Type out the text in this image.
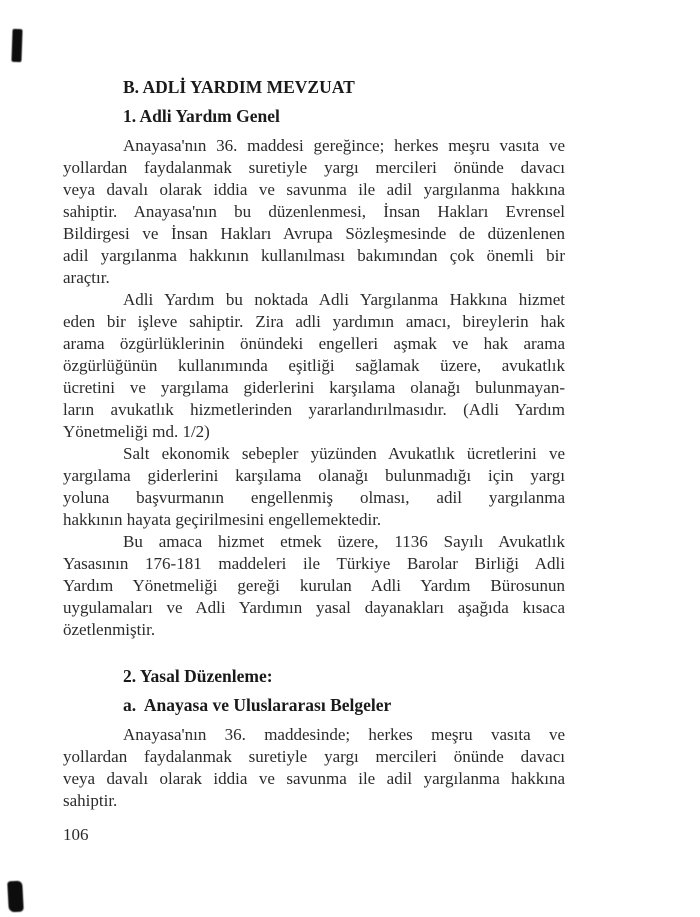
B. ADLİ YARDIM MEVZUAT
1. Adli Yardım Genel
Anayasa'nın 36. maddesi gereğince; herkes meşru vasıta ve
yollardan faydalanmak suretiyle yargı mercileri önünde davacı
veya davalı olarak iddia ve savunma ile adil yargılanma hakkına
sahiptir. Anayasa'nın bu düzenlenmesi, İnsan Hakları Evrensel
Bildirgesi ve İnsan Hakları Avrupa Sözleşmesinde de düzenlenen
adil yargılanma hakkının kullanılması bakımından çok önemli bir
araçtır.
Adli Yardım bu noktada Adli Yargılanma Hakkına hizmet
eden bir işleve sahiptir. Zira adli yardımın amacı, bireylerin hak
arama özgürlüklerinin önündeki engelleri aşmak ve hak arama
özgürlüğünün kullanımında eşitliği sağlamak üzere, avukatlık
ücretini ve yargılama giderlerini karşılama olanağı bulunmayan-
ların avukatlık hizmetlerinden yararlandırılmasıdır. (Adli Yardım
Yönetmeliği md. 1/2)
Salt ekonomik sebepler yüzünden Avukatlık ücretlerini ve
yargılama giderlerini karşılama olanağı bulunmadığı için yargı
yoluna başvurmanın engellenmiş olması, adil yargılanma
hakkının hayata geçirilmesini engellemektedir.
Bu amaca hizmet etmek üzere, 1136 Sayılı Avukatlık
Yasasının 176-181 maddeleri ile Türkiye Barolar Birliği Adli
Yardım Yönetmeliği gereği kurulan Adli Yardım Bürosunun
uygulamaları ve Adli Yardımın yasal dayanakları aşağıda kısaca
özetlenmiştir.
2. Yasal Düzenleme:
a.  Anayasa ve Uluslararası Belgeler
Anayasa'nın 36. maddesinde; herkes meşru vasıta ve
yollardan faydalanmak suretiyle yargı mercileri önünde davacı
veya davalı olarak iddia ve savunma ile adil yargılanma hakkına
sahiptir.
106
